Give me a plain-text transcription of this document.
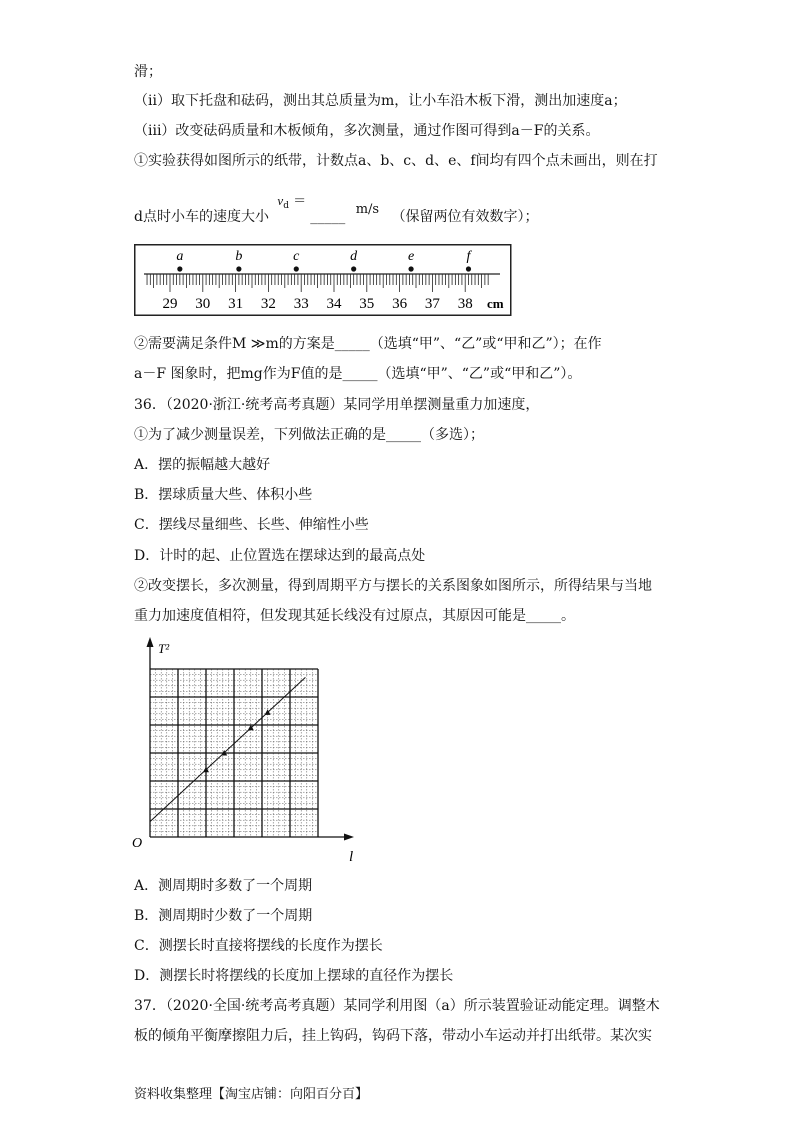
滑；
（ii）取下托盘和砝码，测出其总质量为m，让小车沿木板下滑，测出加速度a；
（iii）改变砝码质量和木板倾角，多次测量，通过作图可得到a－F的关系。
①实验获得如图所示的纸带，计数点a、b、c、d、e、f间均有四个点未画出，则在打
d点时小车的速度大小 $v_d$ ＝ _____ m/s （保留两位有效数字）；
29 30 31 32 33 34 35 36 37 38 cm
a	b	c	d	e	f
②需要满足条件M ≫m的方案是_____（选填“甲”、“乙”或“甲和乙”）；在作
a－F 图象时，把mg作为F值的是_____（选填“甲”、“乙”或“甲和乙”）。
36．（2020·浙江·统考高考真题）某同学用单摆测量重力加速度，
①为了减少测量误差，下列做法正确的是_____（多选）；
A．摆的振幅越大越好
B．摆球质量大些、体积小些
C．摆线尽量细些、长些、伸缩性小些
D．计时的起、止位置选在摆球达到的最高点处
②改变摆长，多次测量，得到周期平方与摆长的关系图象如图所示，所得结果与当地
重力加速度值相符，但发现其延长线没有过原点，其原因可能是_____。
O
l
T²
A．测周期时多数了一个周期
B．测周期时少数了一个周期
C．测摆长时直接将摆线的长度作为摆长
D．测摆长时将摆线的长度加上摆球的直径作为摆长
37．（2020·全国·统考高考真题）某同学利用图（a）所示装置验证动能定理。调整木
板的倾角平衡摩擦阻力后，挂上钩码，钩码下落，带动小车运动并打出纸带。某次实
资料收集整理【淘宝店铺：向阳百分百】
